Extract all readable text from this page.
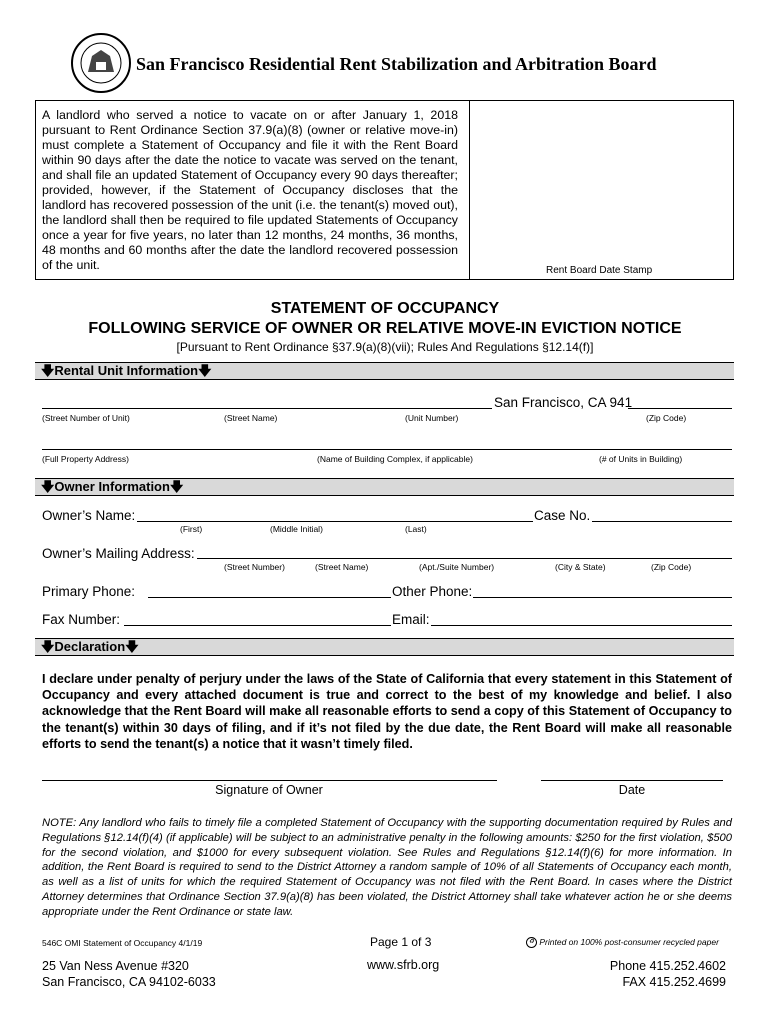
San Francisco Residential Rent Stabilization and Arbitration Board
A landlord who served a notice to vacate on or after January 1, 2018 pursuant to Rent Ordinance Section 37.9(a)(8) (owner or relative move-in) must complete a Statement of Occupancy and file it with the Rent Board within 90 days after the date the notice to vacate was served on the tenant, and shall file an updated Statement of Occupancy every 90 days thereafter; provided, however, if the Statement of Occupancy discloses that the landlord has recovered possession of the unit (i.e. the tenant(s) moved out), the landlord shall then be required to file updated Statements of Occupancy once a year for five years, no later than 12 months, 24 months, 36 months, 48 months and 60 months after the date the landlord recovered possession of the unit.	Rent Board Date Stamp
STATEMENT OF OCCUPANCY
FOLLOWING SERVICE OF OWNER OR RELATIVE MOVE-IN EVICTION NOTICE
[Pursuant to Rent Ordinance §37.9(a)(8)(vii); Rules And Regulations §12.14(f)]
🡇Rental Unit Information🡇
San Francisco, CA 941
(Street Number of Unit)	(Street Name)	(Unit Number)	(Zip Code)
(Full Property Address)	(Name of Building Complex, if applicable)	(# of Units in Building)
🡇Owner Information🡇
Owner’s Name:	Case No.
(First)	(Middle Initial)	(Last)
Owner’s Mailing Address:
(Street Number)	(Street Name)	(Apt./Suite Number)	(City & State)	(Zip Code)
Primary Phone:	Other Phone:
Fax Number:	Email:
🡇Declaration🡇
I declare under penalty of perjury under the laws of the State of California that every statement in this Statement of Occupancy and every attached document is true and correct to the best of my knowledge and belief. I also acknowledge that the Rent Board will make all reasonable efforts to send a copy of this Statement of Occupancy to the tenant(s) within 30 days of filing, and if it’s not filed by the due date, the Rent Board will make all reasonable efforts to send the tenant(s) a notice that it wasn’t timely filed.
Signature of Owner	Date
NOTE: Any landlord who fails to timely file a completed Statement of Occupancy with the supporting documentation required by Rules and Regulations §12.14(f)(4) (if applicable) will be subject to an administrative penalty in the following amounts: $250 for the first violation, $500 for the second violation, and $1000 for every subsequent violation. See Rules and Regulations §12.14(f)(6) for more information. In addition, the Rent Board is required to send to the District Attorney a random sample of 10% of all Statements of Occupancy each month, as well as a list of units for which the required Statement of Occupancy was not filed with the Rent Board. In cases where the District Attorney determines that Ordinance Section 37.9(a)(8) has been violated, the District Attorney shall take whatever action he or she deems appropriate under the Rent Ordinance or state law.
546C OMI Statement of Occupancy 4/1/19	Page 1 of 3	♻ Printed on 100% post-consumer recycled paper
25 Van Ness Avenue #320
San Francisco, CA 94102-6033
www.sfrb.org	Phone 415.252.4602
FAX 415.252.4699
